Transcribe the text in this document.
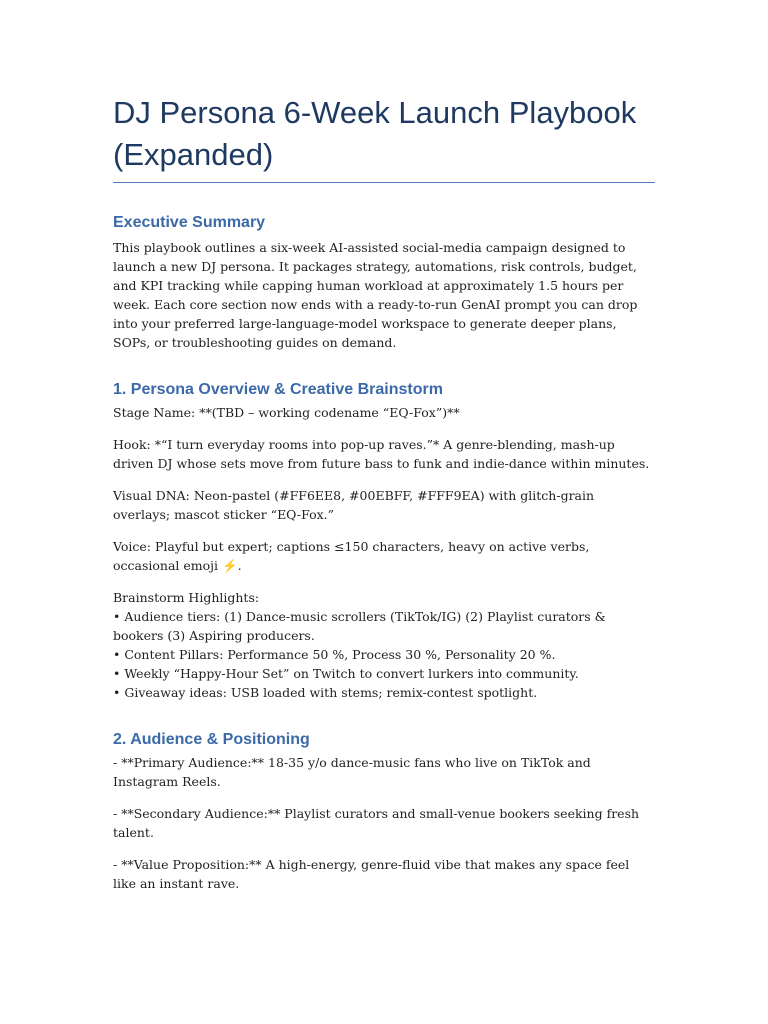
DJ Persona 6-Week Launch Playbook
(Expanded)
Executive Summary

This playbook outlines a six-week AI-assisted social-media campaign designed to launch a new DJ persona. It packages strategy, automations, risk controls, budget, and KPI tracking while capping human workload at approximately 1.5 hours per week. Each core section now ends with a ready-to-run GenAI prompt you can drop into your preferred large-language-model workspace to generate deeper plans, SOPs, or troubleshooting guides on demand.

1. Persona Overview & Creative Brainstorm

Stage Name: **(TBD – working codename “EQ-Fox”)**

Hook: *“I turn everyday rooms into pop-up raves.”* A genre-blending, mash-up driven DJ whose sets move from future bass to funk and indie-dance within minutes.

Visual DNA: Neon-pastel (#FF6EE8, #00EBFF, #FFF9EA) with glitch-grain overlays; mascot sticker “EQ-Fox.”

Voice: Playful but expert; captions ≤150 characters, heavy on active verbs, occasional emoji ⚡.

Brainstorm Highlights:

• Audience tiers: (1) Dance-music scrollers (TikTok/IG) (2) Playlist curators & bookers (3) Aspiring producers.

• Content Pillars: Performance 50 %, Process 30 %, Personality 20 %.

• Weekly “Happy-Hour Set” on Twitch to convert lurkers into community.

• Giveaway ideas: USB loaded with stems; remix-contest spotlight.

2. Audience & Positioning

- **Primary Audience:** 18-35 y/o dance-music fans who live on TikTok and Instagram Reels.

- **Secondary Audience:** Playlist curators and small-venue bookers seeking fresh talent.

- **Value Proposition:** A high-energy, genre-fluid vibe that makes any space feel like an instant rave.
